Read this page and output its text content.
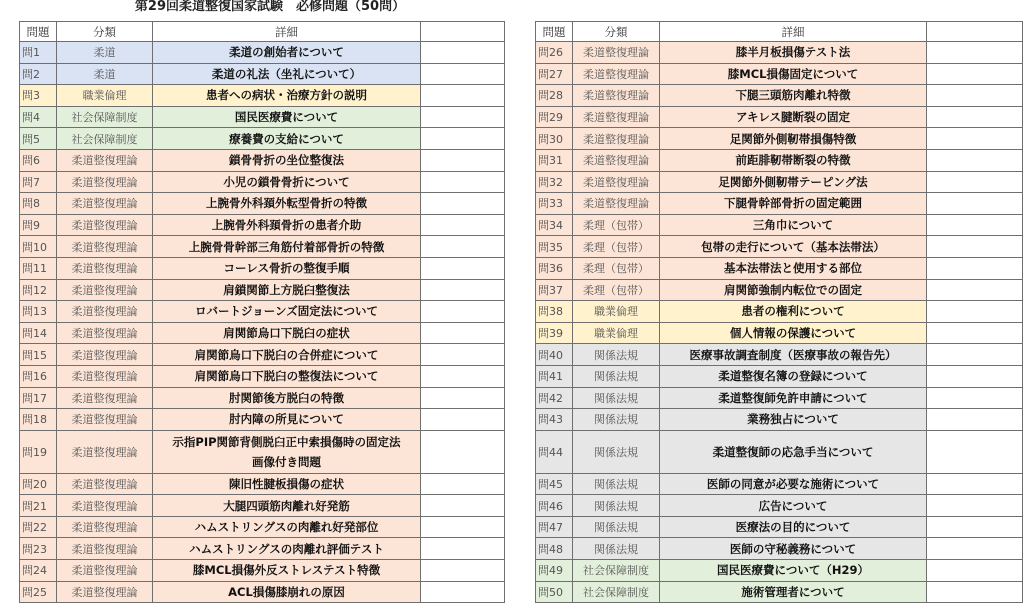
第29回柔道整復国家試験　必修問題（50問）
問題	分類	詳細	
問1	柔道	柔道の創始者について	
問2	柔道	柔道の礼法（坐礼について）	
問3	職業倫理	患者への病状・治療方針の説明	
問4	社会保障制度	国民医療費について	
問5	社会保障制度	療養費の支給について	
問6	柔道整復理論	鎖骨骨折の坐位整復法	
問7	柔道整復理論	小児の鎖骨骨折について	
問8	柔道整復理論	上腕骨外科頚外転型骨折の特徴	
問9	柔道整復理論	上腕骨外科頚骨折の患者介助	
問10	柔道整復理論	上腕骨骨幹部三角筋付着部骨折の特徴	
問11	柔道整復理論	コーレス骨折の整復手順	
問12	柔道整復理論	肩鎖関節上方脱臼整復法	
問13	柔道整復理論	ロバートジョーンズ固定法について	
問14	柔道整復理論	肩関節烏口下脱臼の症状	
問15	柔道整復理論	肩関節烏口下脱臼の合併症について	
問16	柔道整復理論	肩関節烏口下脱臼の整復法について	
問17	柔道整復理論	肘関節後方脱臼の特徴	
問18	柔道整復理論	肘内障の所見について	
問19	柔道整復理論	示指PIP関節背側脱臼正中索損傷時の固定法
画像付き問題	

問20	柔道整復理論	陳旧性腱板損傷の症状	
問21	柔道整復理論	大腿四頭筋肉離れ好発筋	
問22	柔道整復理論	ハムストリングスの肉離れ好発部位	
問23	柔道整復理論	ハムストリングスの肉離れ評価テスト	
問24	柔道整復理論	膝MCL損傷外反ストレステスト特徴	
問25	柔道整復理論	ACL損傷膝崩れの原因	
問題	分類	詳細	
問26	柔道整復理論	膝半月板損傷テスト法	
問27	柔道整復理論	膝MCL損傷固定について	
問28	柔道整復理論	下腿三頭筋肉離れ特徴	
問29	柔道整復理論	アキレス腱断裂の固定	
問30	柔道整復理論	足関節外側靭帯損傷特徴	
問31	柔道整復理論	前距腓靭帯断裂の特徴	
問32	柔道整復理論	足関節外側靭帯テーピング法	
問33	柔道整復理論	下腿骨幹部骨折の固定範囲	
問34	柔理（包帯）	三角巾について	
問35	柔理（包帯）	包帯の走行について（基本法帯法）	
問36	柔理（包帯）	基本法帯法と使用する部位	
問37	柔理（包帯）	肩関節強制内転位での固定	
問38	職業倫理	患者の権利について	
問39	職業倫理	個人情報の保護について	
問40	関係法規	医療事故調査制度（医療事故の報告先）	
問41	関係法規	柔道整復名簿の登録について	
問42	関係法規	柔道整復師免許申請について	
問43	関係法規	業務独占について	
問44	関係法規	柔道整復師の応急手当について	
問45	関係法規	医師の同意が必要な施術について	
問46	関係法規	広告について	
問47	関係法規	医療法の目的について	
問48	関係法規	医師の守秘義務について	
問49	社会保障制度	国民医療費について（H29）	
問50	社会保障制度	施術管理者について	
